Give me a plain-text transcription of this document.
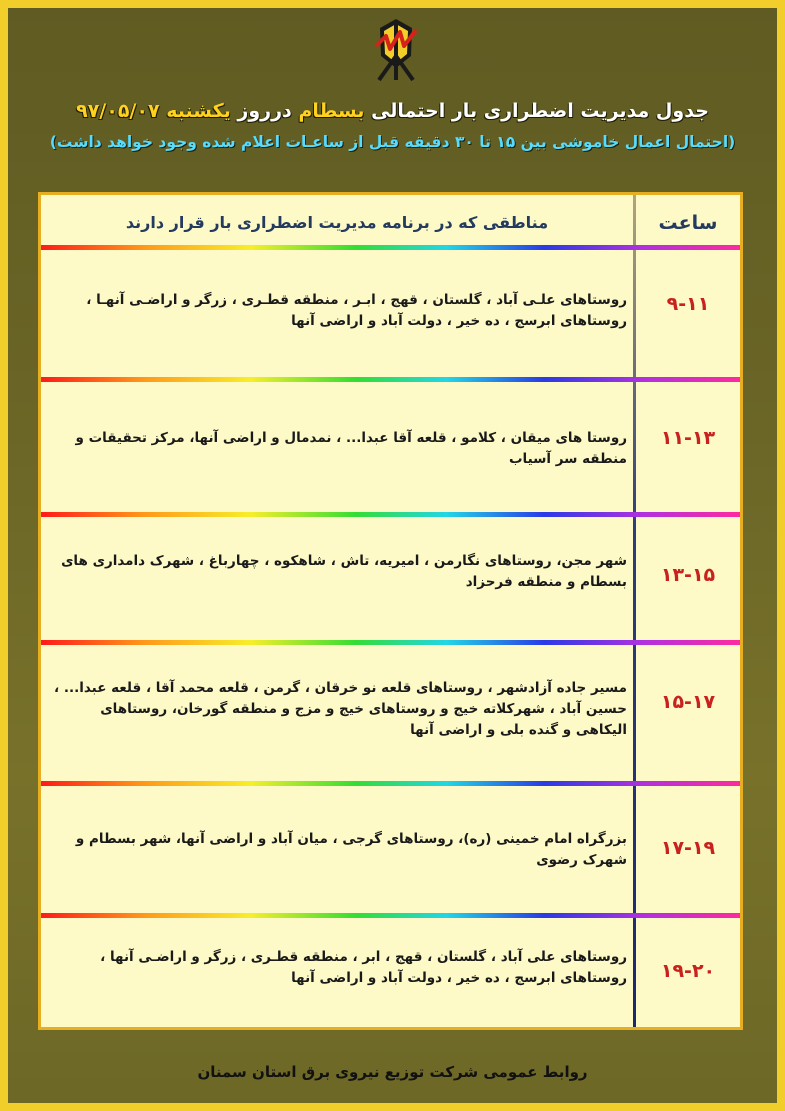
جدول مدیریت اضطراری بار احتمالی بسطام درروز یکشنبه ۹۷/۰۵/۰۷
(احتمال اعمال خاموشی بین ۱۵ تا ۳۰ دقیقه قبل از ساعـات اعلام شده وجود خواهد داشت)
ساعت
مناطقی که در برنامه مدیریت اضطراری بار قرار دارند
۹-۱۱
روستاهای علـی آباد ، گلستان ، قهج ، ابـر ، منطقه قطـری ، زرگر و اراضـی آنهـا ، روستاهای ابرسج ، ده خیر ، دولت آباد و اراضی آنها
۱۱-۱۳
روستا های میقان ، کلامو ، قلعه آقا عبدا... ، نمدمال و اراضی آنها، مرکز تحقیقات و منطقه سر آسیاب
۱۳-۱۵
شهر مجن، روستاهای نگارمن ، امیریه، تاش ، شاهکوه ، چهارباغ ، شهرک دامداری های بسطام و منطقه فرحزاد
۱۵-۱۷
مسیر جاده آزادشهر ، روستاهای قلعه نو خرقان ، گرمن ، قلعه محمد آقا ، قلعه عبدا... ، حسین آباد ، شهرکلاته خیج و روستاهای خیج و مزج و منطقه گورخان، روستاهای الیکاهی و گنده بلی و اراضی آنها
۱۷-۱۹
بزرگراه امام خمینی (ره)، روستاهای گرجی ، میان آباد و اراضی آنها، شهر بسطام و شهرک رضوی
۱۹-۲۰
روستاهای علی آباد ، گلستان ، قهج ، ابر ، منطقه قطـری ، زرگر و اراضـی آنها ، روستاهای ابرسج ، ده خیر ، دولت آباد و اراضی آنها
روابط عمومی شرکت توزیع نیروی برق استان سمنان
